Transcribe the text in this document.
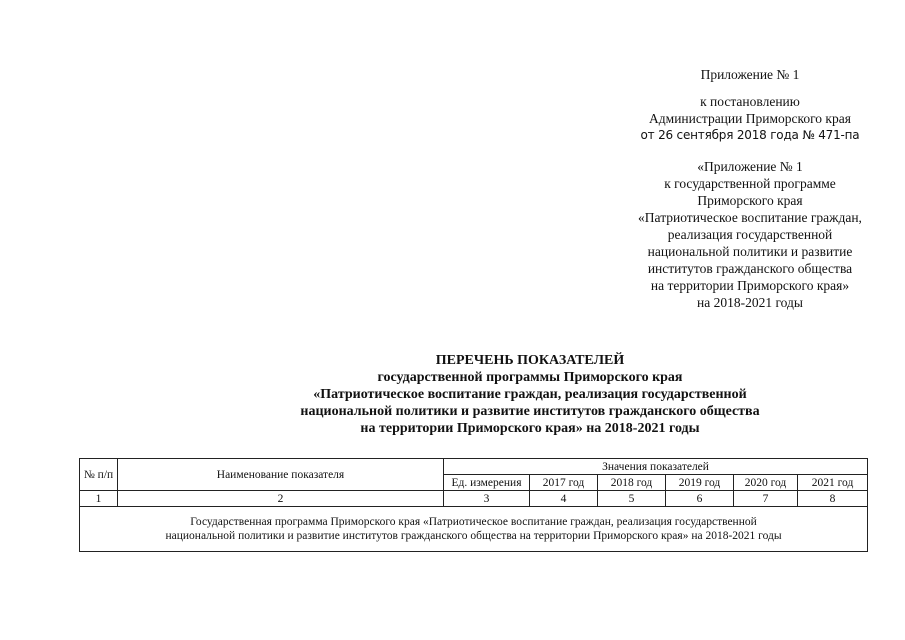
Приложение № 1
к постановлению
Администрации Приморского края
от 26 сентября 2018 года № 471-па
«Приложение № 1
к государственной программе
Приморского края
«Патриотическое воспитание граждан,
реализация государственной
национальной политики и развитие
институтов гражданского общества
на территории Приморского края»
на 2018-2021 годы
ПЕРЕЧЕНЬ ПОКАЗАТЕЛЕЙ
государственной программы Приморского края
«Патриотическое воспитание граждан, реализация государственной
национальной политики и развитие институтов гражданского общества
на территории Приморского края» на 2018-2021 годы
№ п/п	Наименование показателя	Значения показателей					
		Ед. измерения	2017 год	2018 год	2019 год	2020 год	2021 год
1	2	3	4	5	6	7	8

Государственная программа Приморского края «Патриотическое воспитание граждан, реализация государственной
национальной политики и развитие институтов гражданского общества на территории Приморского края» на 2018-2021 годы							
